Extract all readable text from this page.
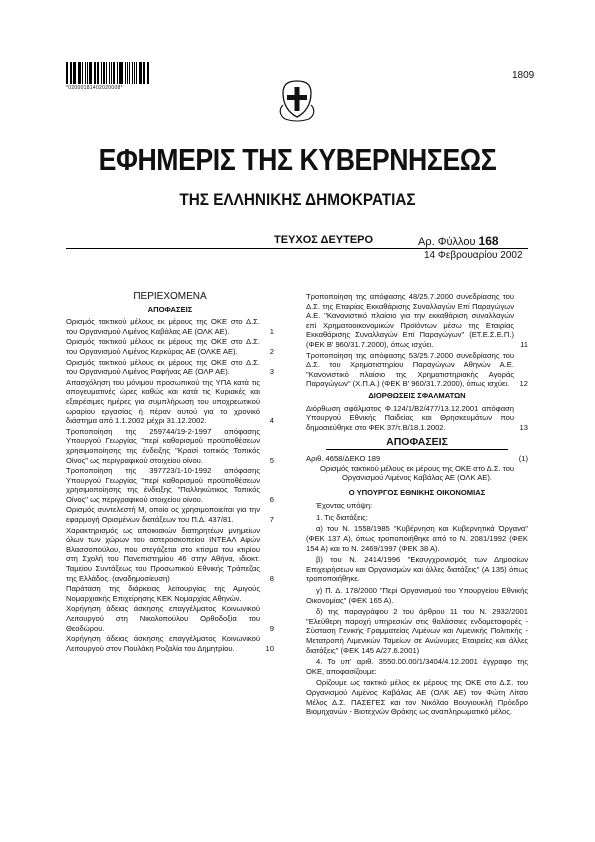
*02000181402020008*
1809
ΕΦΗΜΕΡΙΣ ΤΗΣ ΚΥΒΕΡΝΗΣΕΩΣ
ΤΗΣ ΕΛΛΗΝΙΚΗΣ ΔΗΜΟΚΡΑΤΙΑΣ
ΤΕΥΧΟΣ ΔΕΥΤΕΡΟ	Αρ. Φύλλου 168
14 Φεβρουαρίου 2002
ΠΕΡΙΕΧΟΜΕΝΑ
ΑΠΟΦΑΣΕΙΣ
Ορισμός τακτικού μέλους εκ μέρους της ΟΚΕ στο Δ.Σ. του Οργανισμού Λιμένος Καβάλας ΑΕ (ΟΛΚ ΑΕ).	1
Ορισμός τακτικού μέλους εκ μέρους της ΟΚΕ στο Δ.Σ. του Οργανισμού Λιμένος Κερκύρας ΑΕ (ΟΛΚΕ ΑΕ).	2
Ορισμός τακτικού μέλους εκ μέρους της ΟΚΕ στο Δ.Σ. του Οργανισμού Λιμένος Ραφήνας ΑΕ (ΟΛΡ ΑΕ).	3
Απασχόληση του μόνιμου προσωπικού της ΥΠΑ κατά τις απογευματινές ώρες καθώς και κατά τις Κυριακές και εξαιρέσιμες ημέρες για συμπλήρωση του υποχρεωτικού ωραρίου εργασίας ή πέραν αυτού για το χρονικό διάστημα από 1.1.2002 μέχρι 31.12.2002.	4
Τροποποίηση της 259744/19-2-1997 απόφασης Υπουργού Γεωργίας "περί καθορισμού προϋποθέσεων χρησιμοποίησης της ένδειξης "Κρασί τοπικός Τοπικός Οίνος" ως περιγραφικού στοιχείου οίνου.	5
Τροποποίηση της 397723/1-10-1992 απόφασης Υπουργού Γεωργίας "περί καθορισμού προϋποθέσεων χρησιμοποίησης της ένδειξης "Παλληκώτικος Τοπικός Οίνος" ως περιγραφικού στοιχείου οίνου.	6
Ορισμός συντελεστή Μ, οποίο ος χρησιμοποιείται για την εφαρμογή Ορισμένων διατάξεων του Π.Δ. 437/81.	7
Χαρακτηρισμός ως αποικιακών διατηρητέων μνημείων όλων των χώρων του αστεροσκοπείου ΙΝΤΕΑΛ Αφών Βλασσοπούλου, που στεγάζεται στο κτίσμα του κτιρίου στη Σχολή του Πανεπιστημίου 46 στην Αθήνα, ιδιοκτ. Ταμείου Συντάξεως του Προσωπικού Εθνικής Τράπεζας της Ελλάδος. (αναδημοσίευση)	8
Παράταση της διάρκειας λειτουργίας της Αμιγούς Νομαρχιακής Επιχείρησης ΚΕΚ Νομαρχίας Αθηνών.
Χορήγηση άδειας άσκησης επαγγέλματος Κοινωνικού Λειτουργού στη Νικολοπούλου Ορθοδοξία του Θεοδώρου.	9
Χορήγηση άδειας άσκησης επαγγέλματος Κοινωνικού Λειτουργού στον Πουλάκη Ροζαλία του Δημητρίου.	10
Τροποποίηση της απόφασης 48/25.7.2000 συνεδρίασης του Δ.Σ. της Εταιρίας Εκκαθάρισης Συναλλαγών Επί Παραγώγων Α.Ε. "Κανονιστικό πλαίσιο για την εκκαθάριση συναλλαγών επί Χρηματοοικονομικών Προϊόντων μέσω της Εταιρίας Εκκαθάρισης Συναλλαγών Επί Παραγώγων" (ΕΤ.Ε.Σ.Ε.Π.) (ΦΕΚ Β' 960/31.7.2000), όπως ισχύει.	11
Τροποποίηση της απόφασης 53/25.7.2000 συνεδρίασης του Δ.Σ. του Χρηματιστηρίου Παραγώγων Αθηνών Α.Ε. "Κανονιστικό πλαίσιο της Χρηματιστηριακής Αγοράς Παραγώγων" (Χ.Π.Α.) (ΦΕΚ Β' 960/31.7.2000), όπως ισχύει.	12
ΔΙΟΡΘΩΣΕΙΣ ΣΦΑΛΜΑΤΩΝ
Διόρθωση σφάλματος Φ.124/1/Β2/477/13.12.2001 απόφαση Υπουργού Εθνικής Παιδείας και Θρησκευμάτων που δημοσιεύθηκε στο ΦΕΚ 37/τ.Β/18.1.2002.	13
ΑΠΟΦΑΣΕΙΣ
Αριθ. 4658/ΔΕΚΟ 189	(1)

Ορισμός τακτικού μέλους εκ μέρους της ΟΚΕ στο Δ.Σ. του Οργανισμού Λιμένος Καβάλας ΑΕ (ΟΛΚ ΑΕ).

Ο ΥΠΟΥΡΓΟΣ ΕΘΝΙΚΗΣ ΟΙΚΟΝΟΜΙΑΣ

Έχοντας υπόψη:

1. Τις διατάξεις:

α) του Ν. 1558/1985 "Κυβέρνηση και Κυβερνητικά Όργανα" (ΦΕΚ 137 Α), όπως τροποποιήθηκε από το Ν. 2081/1992 (ΦΕΚ 154 Α) και το Ν. 2469/1997 (ΦΕΚ 38 Α).

β) του Ν. 2414/1996 "Εκσυγχρονισμός των Δημοσίων Επιχειρήσεων και Οργανισμών και άλλες διατάξεις" (Α 135) όπως τροποποιήθηκε.

γ) Π. Δ. 178/2000 "Περί Οργανισμού του Υπουργείου Εθνικής Οικονομίας" (ΦΕΚ 165 Α).

δ) της παραγράφου 2 του άρθρου 11 του Ν. 2932/2001 "Ελεύθερη παροχή υπηρεσιών στις θαλάσσιες ενδομεταφορές - Σύσταση Γενικής Γραμματείας Λιμένων και Λιμενικής Πολιτικής - Μετατροπή Λιμενικών Ταμείων σε Ανώνυμες Εταιρείες και άλλες διατάξεις" (ΦΕΚ 145 Α/27.6.2001)

4. Το υπ' αριθ. 3550.00.00/1/3404/4.12.2001 έγγραφο της ΟΚΕ, αποφασίζουμε:

Ορίζουμε ως τακτικό μέλος εκ μέρους της ΟΚΕ στο Δ.Σ. του Οργανισμού Λιμένος Καβάλας ΑΕ (ΟΛΚ ΑΕ) τον Φώτη Λίτσο Μέλος Δ.Σ. ΠΑΣΕΓΕΣ και τον Νικόλαο Βουγιουκλή Πρόεδρο Βιομηχανών - Βιοτεχνών Θράκης ως αναπληρωματικό μέλος.
